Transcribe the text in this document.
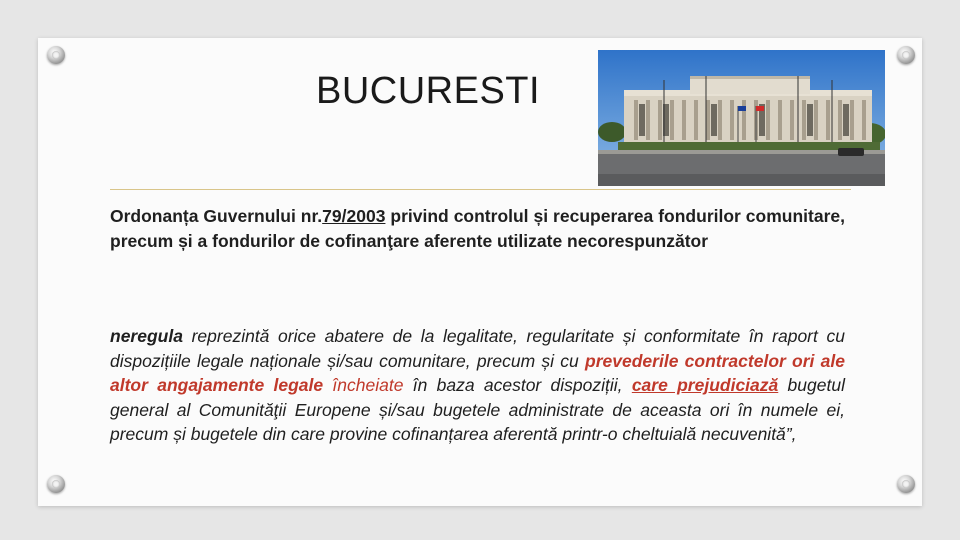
BUCURESTI

Ordonanța Guvernului nr.79/2003 privind controlul și recuperarea fondurilor comunitare, precum și a fondurilor de cofinanţare aferente utilizate necorespunzător

neregula reprezintă orice abatere de la legalitate, regularitate și conformitate în raport cu dispozițiile legale naționale și/sau comunitare, precum și cu prevederile contractelor ori ale altor angajamente legale încheiate în baza acestor dispoziții, care prejudiciază bugetul general al Comunităţii Europene și/sau bugetele administrate de aceasta ori în numele ei, precum și bugetele din care provine cofinanțarea aferentă printr-o cheltuială necuvenită”,
